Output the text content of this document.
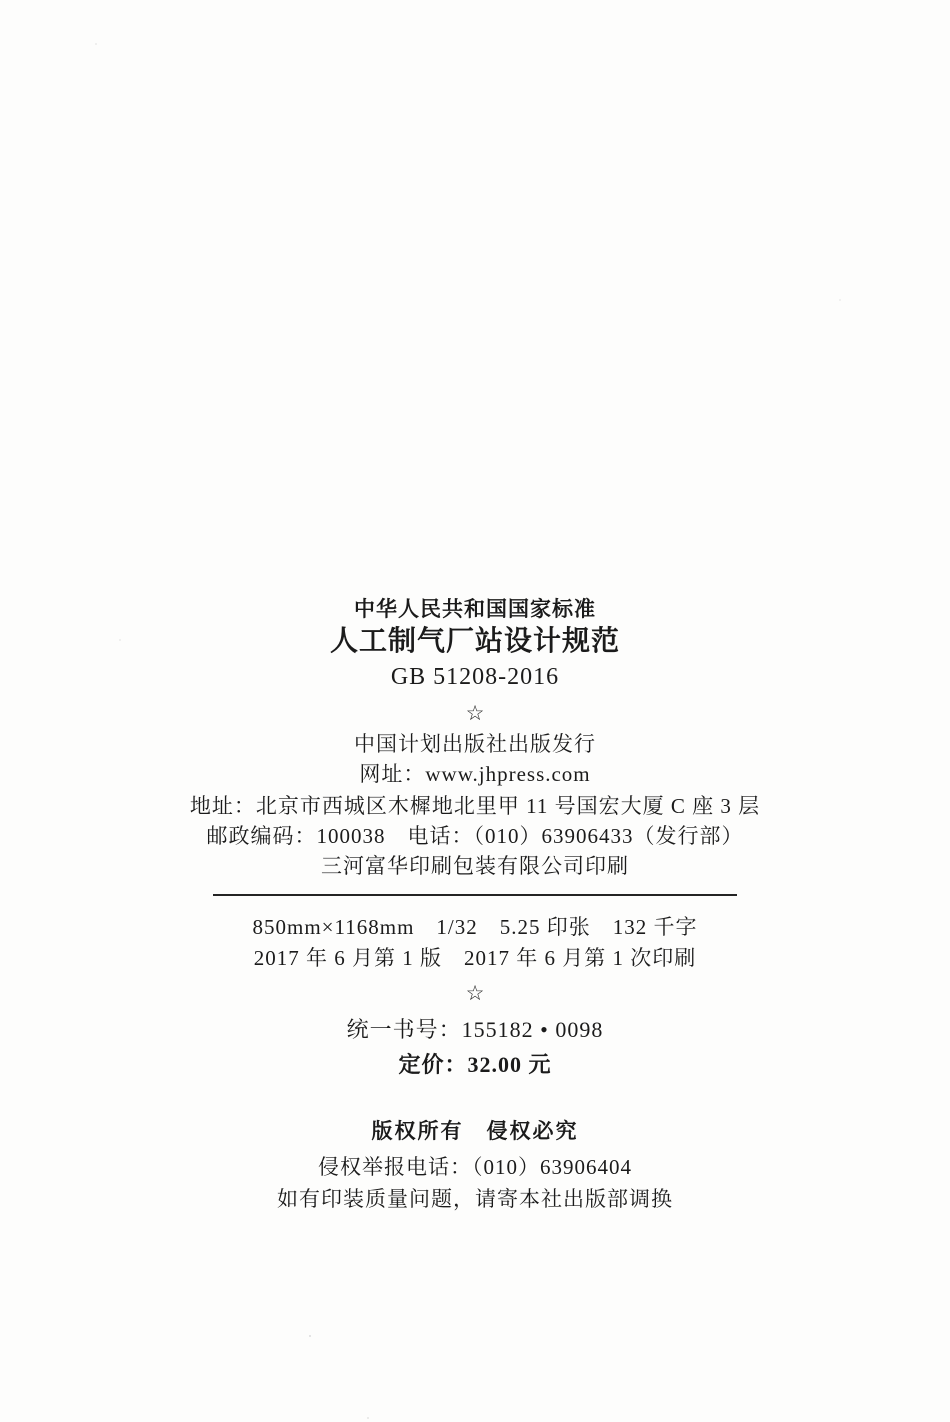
中华人民共和国国家标准
人工制气厂站设计规范
GB 51208-2016
☆
中国计划出版社出版发行
网址：www.jhpress.com
地址：北京市西城区木樨地北里甲 11 号国宏大厦 C 座 3 层
邮政编码：100038　电话：（010）63906433（发行部）
三河富华印刷包装有限公司印刷
850mm×1168mm　1/32　5.25 印张　132 千字
2017 年 6 月第 1 版　2017 年 6 月第 1 次印刷
☆
统一书号：155182 • 0098
定价：32.00 元
版权所有　侵权必究
侵权举报电话：（010）63906404
如有印装质量问题，请寄本社出版部调换
